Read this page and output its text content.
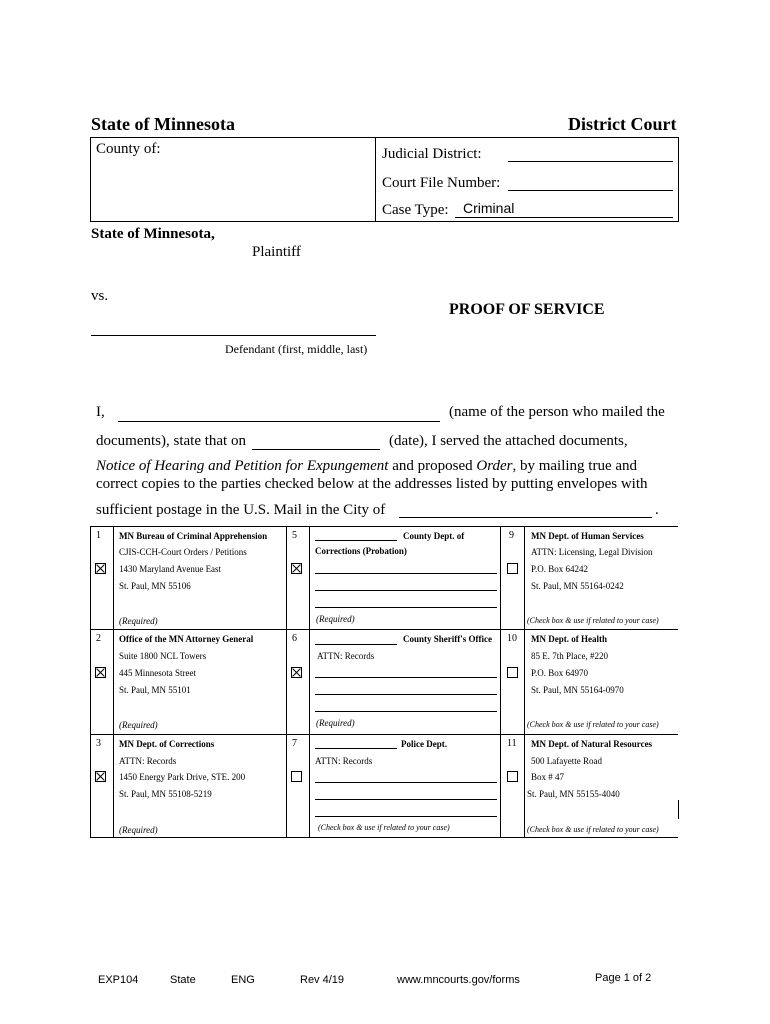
State of Minnesota	District Court
County of:	Judicial District:
Court File Number:
Case Type: Criminal
State of Minnesota,
Plaintiff
vs.
PROOF OF SERVICE
Defendant (first, middle, last)
I,	(name of the person who mailed the
documents), state that on	(date), I served the attached documents,
Notice of Hearing and Petition for Expungement and proposed Order, by mailing true and
correct copies to the parties checked below at the addresses listed by putting envelopes with
sufficient postage in the U.S. Mail in the City of	.
1 MN Bureau of Criminal Apprehension
CJIS-CCH-Court Orders / Petitions
1430 Maryland Avenue East
St. Paul, MN 55106
(Required)
5	County Dept. of
Corrections (Probation)
(Required)
9 MN Dept. of Human Services
ATTN: Licensing, Legal Division
P.O. Box 64242
St. Paul, MN 55164-0242
(Check box & use if related to your case)
2 Office of the MN Attorney General
Suite 1800 NCL Towers
445 Minnesota Street
St. Paul, MN 55101
(Required)
6	County Sheriff's Office
ATTN: Records
(Required)
10 MN Dept. of Health
85 E. 7th Place, #220
P.O. Box 64970
St. Paul, MN 55164-0970
(Check box & use if related to your case)
3 MN Dept. of Corrections
ATTN: Records
1450 Energy Park Drive, STE. 200
St. Paul, MN 55108-5219
(Required)
7	Police Dept.
ATTN: Records
(Check box & use if related to your case)
11 MN Dept. of Natural Resources
500 Lafayette Road
Box # 47
St. Paul, MN 55155-4040
(Check box & use if related to your case)
EXP104	State	ENG	Rev 4/19	www.mncourts.gov/forms	Page 1 of 2
